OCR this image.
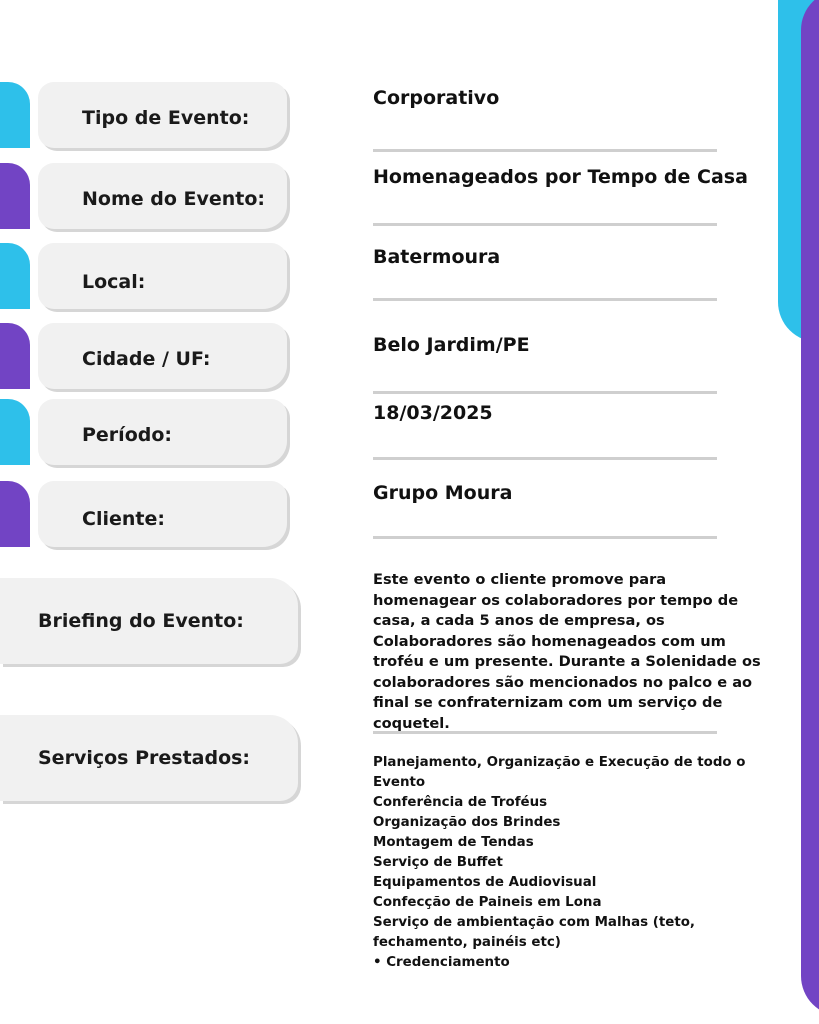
Tipo de Evento:
Nome do Evento:
Local:
Cidade / UF:
Período:
Cliente:
Briefing do Evento:
Serviços Prestados:
Corporativo
Homenageados por Tempo de Casa
Batermoura
Belo Jardim/PE
18/03/2025
Grupo Moura
Este evento o cliente promove para homenagear os colaboradores por tempo de casa, a cada 5 anos de empresa, os Colaboradores são homenageados com um troféu e um presente. Durante a Solenidade os colaboradores são mencionados no palco e ao final se confraternizam com um serviço de coquetel.
Planejamento, Organização e Execução de todo o Evento
Conferência de Troféus
Organização dos Brindes
Montagem de Tendas
Serviço de Buffet
Equipamentos de Audiovisual
Confecção de Paineis em Lona
Serviço de ambientação com Malhas (teto, fechamento, painéis etc)
• Credenciamento
